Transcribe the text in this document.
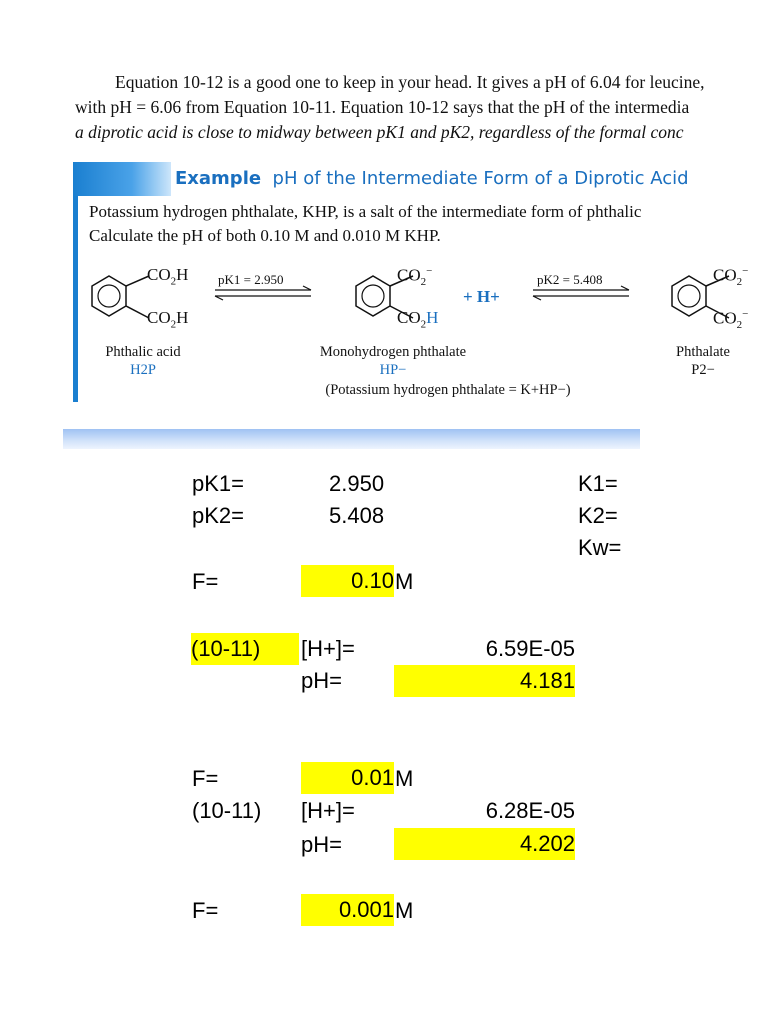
Equation 10-12 is a good one to keep in your head. It gives a pH of 6.04 for leucine,

with pH = 6.06 from Equation 10-11. Equation 10-12 says that the pH of the intermedia

a diprotic acid is close to midway between pK1 and pK2, regardless of the formal conc

Example pH of the Intermediate Form of a Diprotic Acid
Potassium hydrogen phthalate, KHP, is a salt of the intermediate form of phthalic
Calculate the pH of both 0.10 M and 0.010 M KHP.
$CO_2H$
$CO_2H$
pK1 = 2.950	$CO_2^-$
$CO_2H$
+ H+
pK2 = 5.408	$CO_2^-$
$CO_2^-$
Phthalic acid
H2P
Monohydrogen phthalate
HP−
(Potassium hydrogen phthalate = K+HP−)
Phthalate
P2−
pK1=	2.950	K1=
pK2=	5.408	K2=
Kw=
F=	0.10 M
(10-11)	[H+]=	6.59E-05
pH=	4.181
F=	0.01 M
(10-11) [H+]=	6.28E-05
pH=	4.202
F=	0.001 M
